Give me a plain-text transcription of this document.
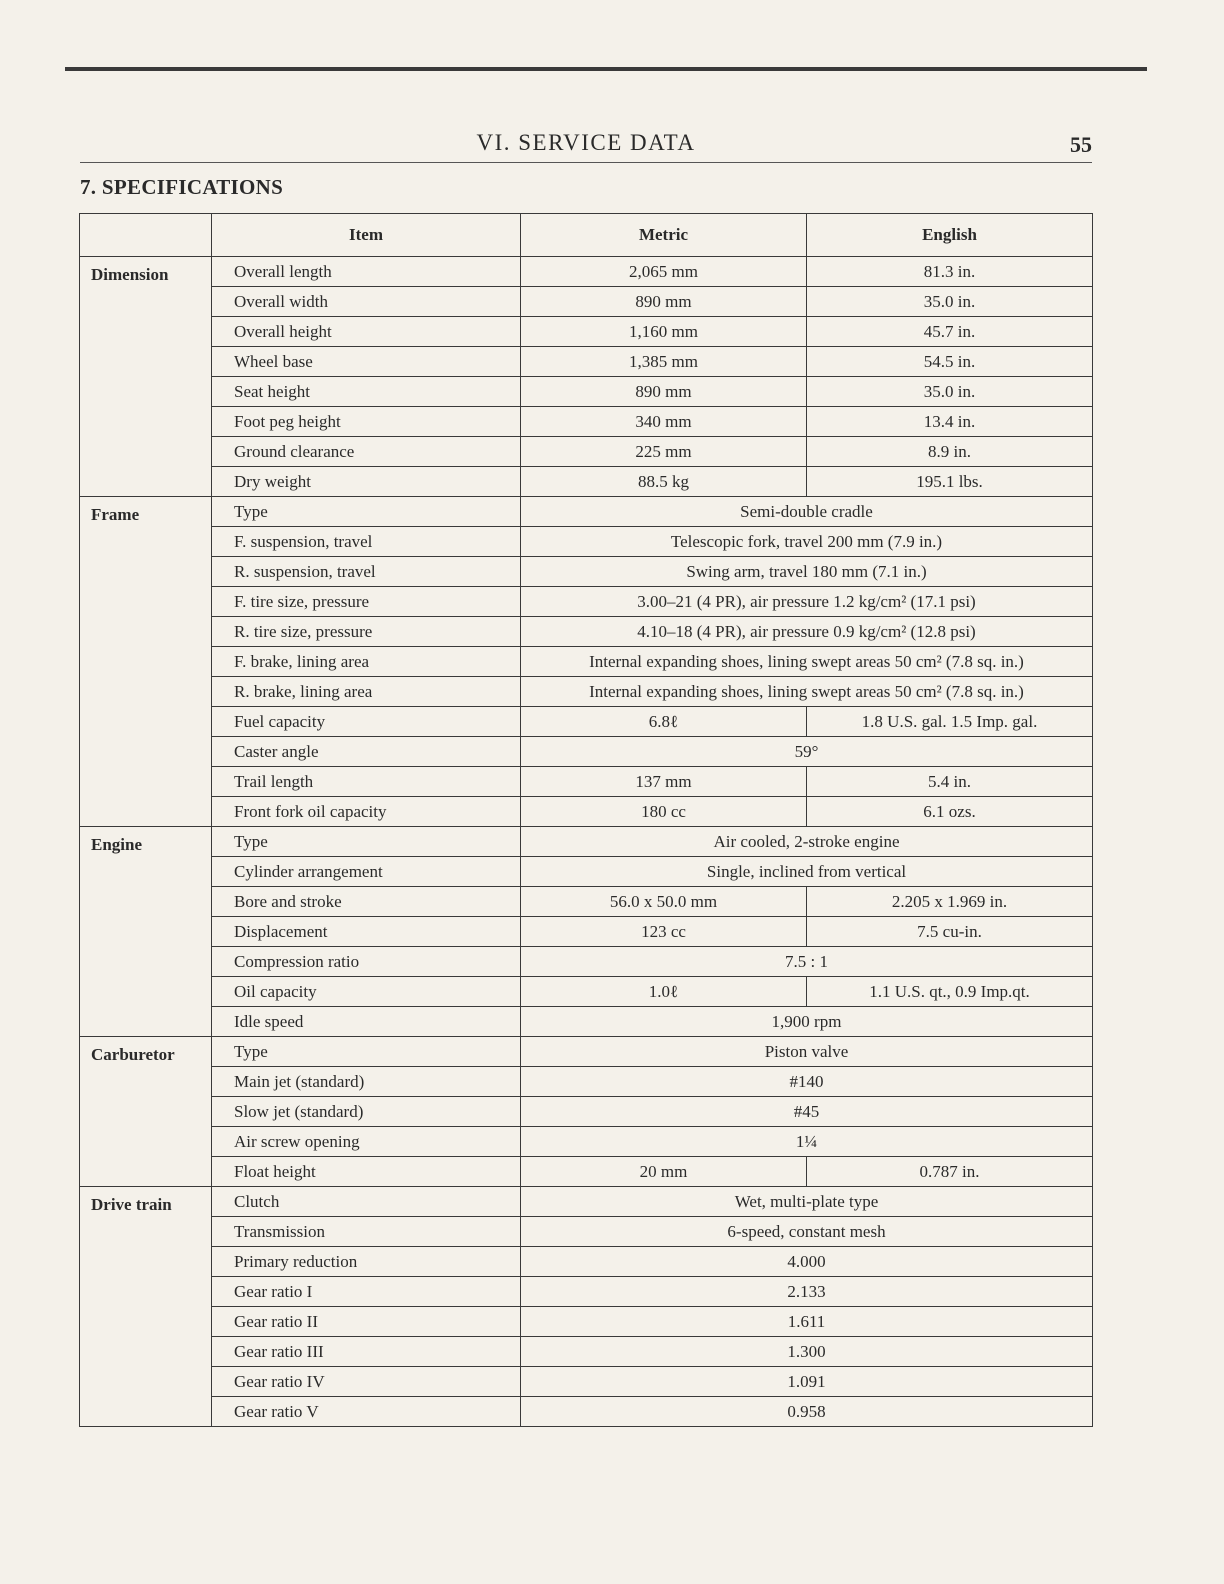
VI. SERVICE DATA	55
7. SPECIFICATIONS
	Item	Metric	English
Dimension	Overall length	2,065 mm	81.3 in.
	Overall width	890 mm	35.0 in.
	Overall height	1,160 mm	45.7 in.
	Wheel base	1,385 mm	54.5 in.
	Seat height	890 mm	35.0 in.
	Foot peg height	340 mm	13.4 in.
	Ground clearance	225 mm	8.9 in.
	Dry weight	88.5 kg	195.1 lbs.
Frame	Type	Semi-double cradle	
	F. suspension, travel	Telescopic fork, travel 200 mm (7.9 in.)	
	R. suspension, travel	Swing arm, travel 180 mm (7.1 in.)	
	F. tire size, pressure	3.00–21 (4 PR), air pressure 1.2 kg/cm² (17.1 psi)	
	R. tire size, pressure	4.10–18 (4 PR), air pressure 0.9 kg/cm² (12.8 psi)	
	F. brake, lining area	Internal expanding shoes, lining swept areas 50 cm² (7.8 sq. in.)	
	R. brake, lining area	Internal expanding shoes, lining swept areas 50 cm² (7.8 sq. in.)	
	Fuel capacity	6.8ℓ	1.8 U.S. gal. 1.5 Imp. gal.
	Caster angle	59°	
	Trail length	137 mm	5.4 in.
	Front fork oil capacity	180 cc	6.1 ozs.
Engine	Type	Air cooled, 2-stroke engine	
	Cylinder arrangement	Single, inclined from vertical	
	Bore and stroke	56.0 x 50.0 mm	2.205 x 1.969 in.
	Displacement	123 cc	7.5 cu-in.
	Compression ratio	7.5 : 1	
	Oil capacity	1.0ℓ	1.1 U.S. qt., 0.9 Imp.qt.
	Idle speed	1,900 rpm	
Carburetor	Type	Piston valve	
	Main jet (standard)	#140	
	Slow jet (standard)	#45	
	Air screw opening	1¼	
	Float height	20 mm	0.787 in.
Drive train	Clutch	Wet, multi-plate type	
	Transmission	6-speed, constant mesh	
	Primary reduction	4.000	
	Gear ratio I	2.133	
	Gear ratio II	1.611	
	Gear ratio III	1.300	
	Gear ratio IV	1.091	
	Gear ratio V	0.958	
